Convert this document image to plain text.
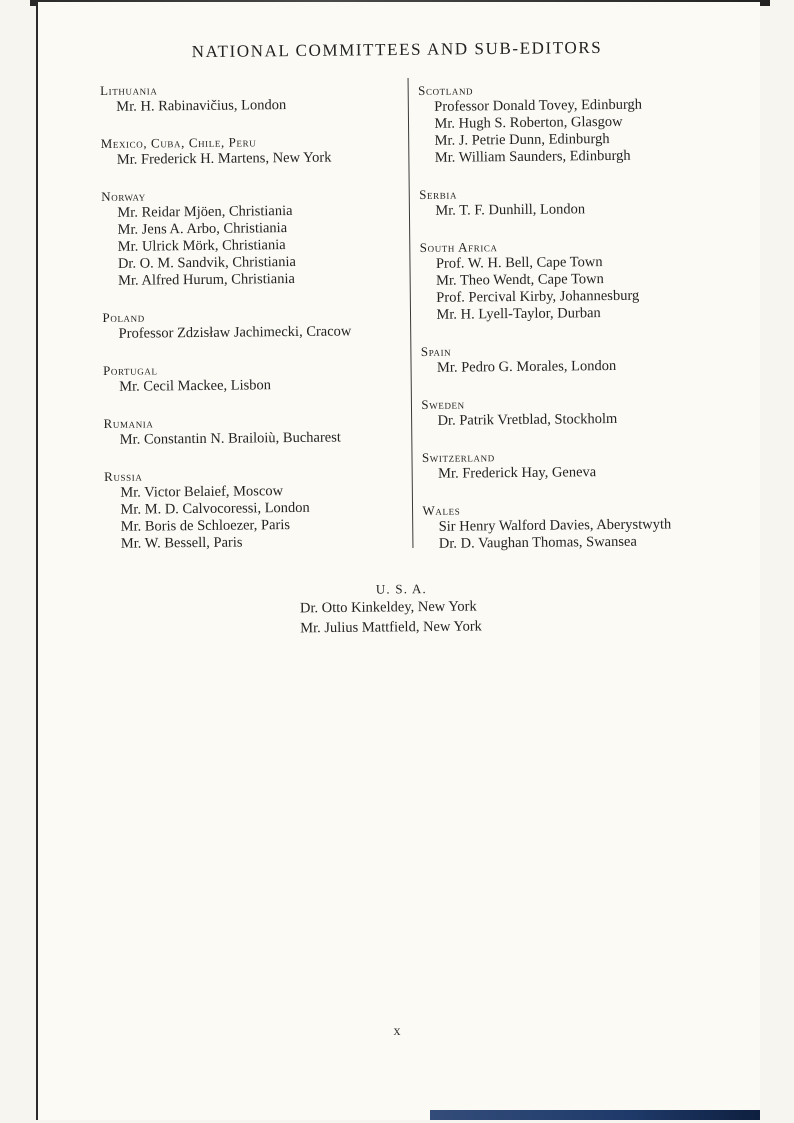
NATIONAL COMMITTEES AND SUB-EDITORS
Lithuania
Mr. H. Rabinavičius, London
Mexico, Cuba, Chile, Peru
Mr. Frederick H. Martens, New York
Norway
Mr. Reidar Mjöen, Christiania
Mr. Jens A. Arbo, Christiania
Mr. Ulrick Mörk, Christiania
Dr. O. M. Sandvik, Christiania
Mr. Alfred Hurum, Christiania
Poland
Professor Zdzisław Jachimecki, Cracow
Portugal
Mr. Cecil Mackee, Lisbon
Rumania
Mr. Constantin N. Brailoiù, Bucharest
Russia
Mr. Victor Belaief, Moscow
Mr. M. D. Calvocoressi, London
Mr. Boris de Schloezer, Paris
Mr. W. Bessell, Paris
Scotland
Professor Donald Tovey, Edinburgh
Mr. Hugh S. Roberton, Glasgow
Mr. J. Petrie Dunn, Edinburgh
Mr. William Saunders, Edinburgh
Serbia
Mr. T. F. Dunhill, London
South Africa
Prof. W. H. Bell, Cape Town
Mr. Theo Wendt, Cape Town
Prof. Percival Kirby, Johannesburg
Mr. H. Lyell-Taylor, Durban
Spain
Mr. Pedro G. Morales, London
Sweden
Dr. Patrik Vretblad, Stockholm
Switzerland
Mr. Frederick Hay, Geneva
Wales
Sir Henry Walford Davies, Aberystwyth
Dr. D. Vaughan Thomas, Swansea
U. S. A.
Dr. Otto Kinkeldey, New York
Mr. Julius Mattfield, New York
x
